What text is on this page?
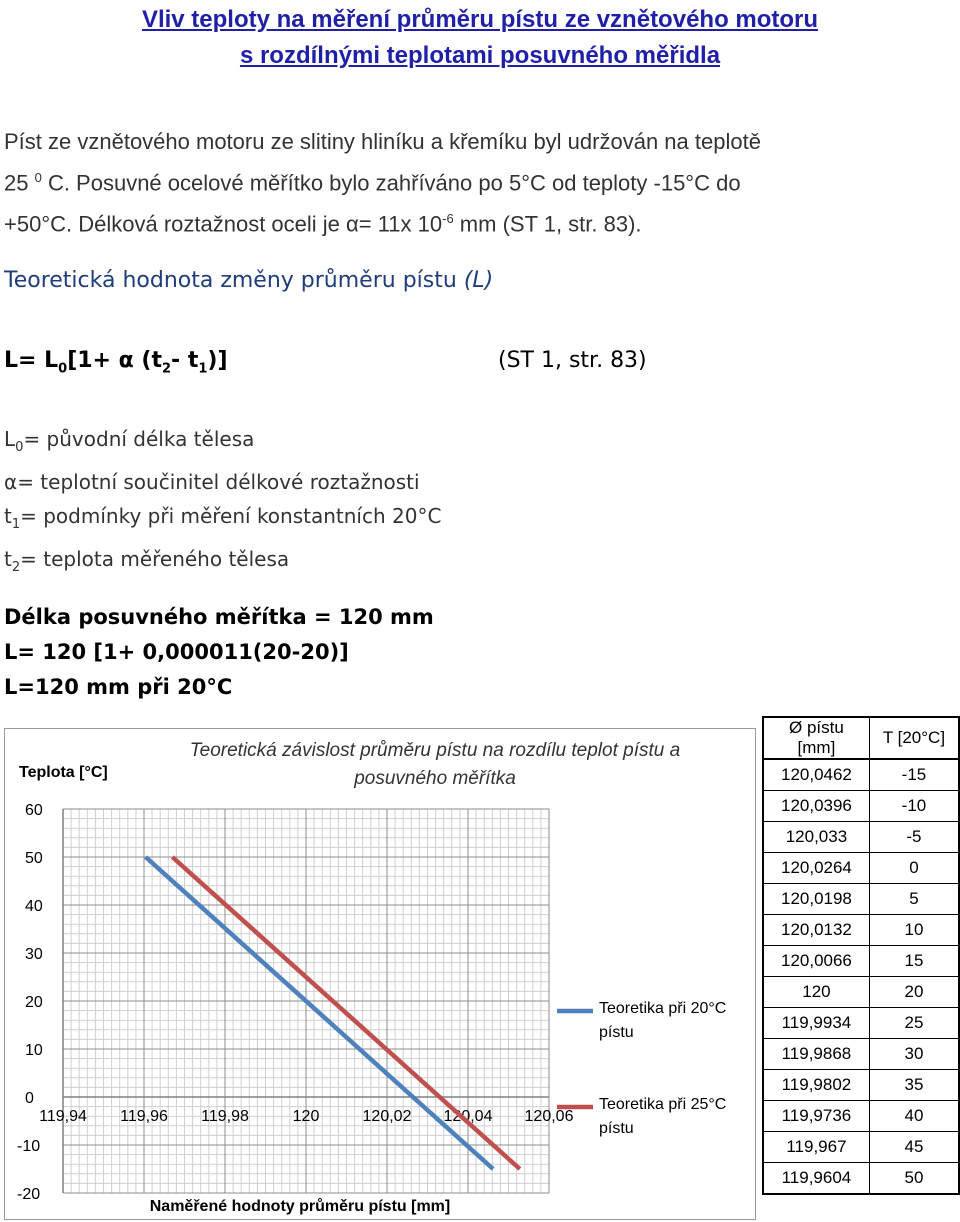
Vliv teploty na měření průměru pístu ze vznětového motoru
s rozdílnými teplotami posuvného měřidla
Píst ze vznětového motoru ze slitiny hliníku a křemíku byl udržován na teplotě
25 $^0$ C. Posuvné ocelové měřítko bylo zahříváno po 5°C od teploty -15°C do
+50°C. Délková roztažnost oceli je α= 11x $10^{-6}$ mm (ST 1, str. 83).
Teoretická hodnota změny průměru pístu (L)
$L= L_0[1+ \alpha$ ($t_2-$ $t_1$)]	(ST 1, str. 83)
$L_0=$ původní délka tělesa
α= teplotní součinitel délkové roztažnosti
$t_1=$ podmínky při měření konstantních 20°C
$t_2=$ teplota měřeného tělesa
Délka posuvného měřítka = 120 mm
L= 120 [1+ 0,000011(20-20)]
L=120 mm při 20°C
Teoretická závislost průměru pístu na rozdílu teplot pístu a
posuvného měřítka
Teplota [°C]
60
50
40
30
20
10
0
-10
-20
119,94 119,96 119,98	120	120,02 120,04 120,06
Naměřené hodnoty průměru pístu [mm]
Teoretika při 20°C
pístu
Teoretika při 25°C
pístu
Ø pístu
[mm]	T [20°C]
120,0462	-15
120,0396	-10
120,033	-5
120,0264	0
120,0198	5
120,0132	10
120,0066	15
120	20
119,9934	25
119,9868	30
119,9802	35
119,9736	40
119,967	45
119,9604	50
